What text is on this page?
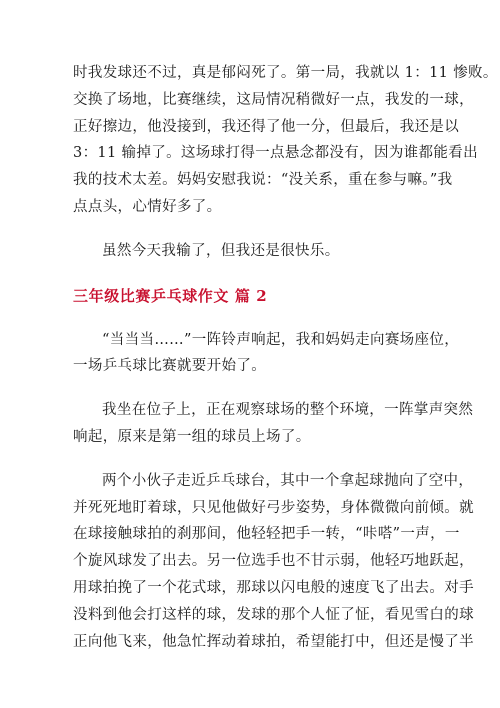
时我发球还不过，真是郁闷死了。第一局，我就以 1：11 惨败。
交换了场地，比赛继续，这局情况稍微好一点，我发的一球，
正好擦边，他没接到，我还得了他一分，但最后，我还是以
3：11 输掉了。这场球打得一点悬念都没有，因为谁都能看出
我的技术太差。妈妈安慰我说：“没关系，重在参与嘛。”我
点点头，心情好多了。
虽然今天我输了，但我还是很快乐。
三年级比赛乒乓球作文 篇 2
“当当当……”一阵铃声响起，我和妈妈走向赛场座位，
一场乒乓球比赛就要开始了。
我坐在位子上，正在观察球场的整个环境，一阵掌声突然
响起，原来是第一组的球员上场了。
两个小伙子走近乒乓球台，其中一个拿起球抛向了空中，
并死死地盯着球，只见他做好弓步姿势，身体微微向前倾。就
在球接触球拍的刹那间，他轻轻把手一转，“咔嗒”一声，一
个旋风球发了出去。另一位选手也不甘示弱，他轻巧地跃起，
用球拍挽了一个花式球，那球以闪电般的速度飞了出去。对手
没料到他会打这样的球，发球的那个人怔了怔，看见雪白的球
正向他飞来，他急忙挥动着球拍，希望能打中，但还是慢了半
